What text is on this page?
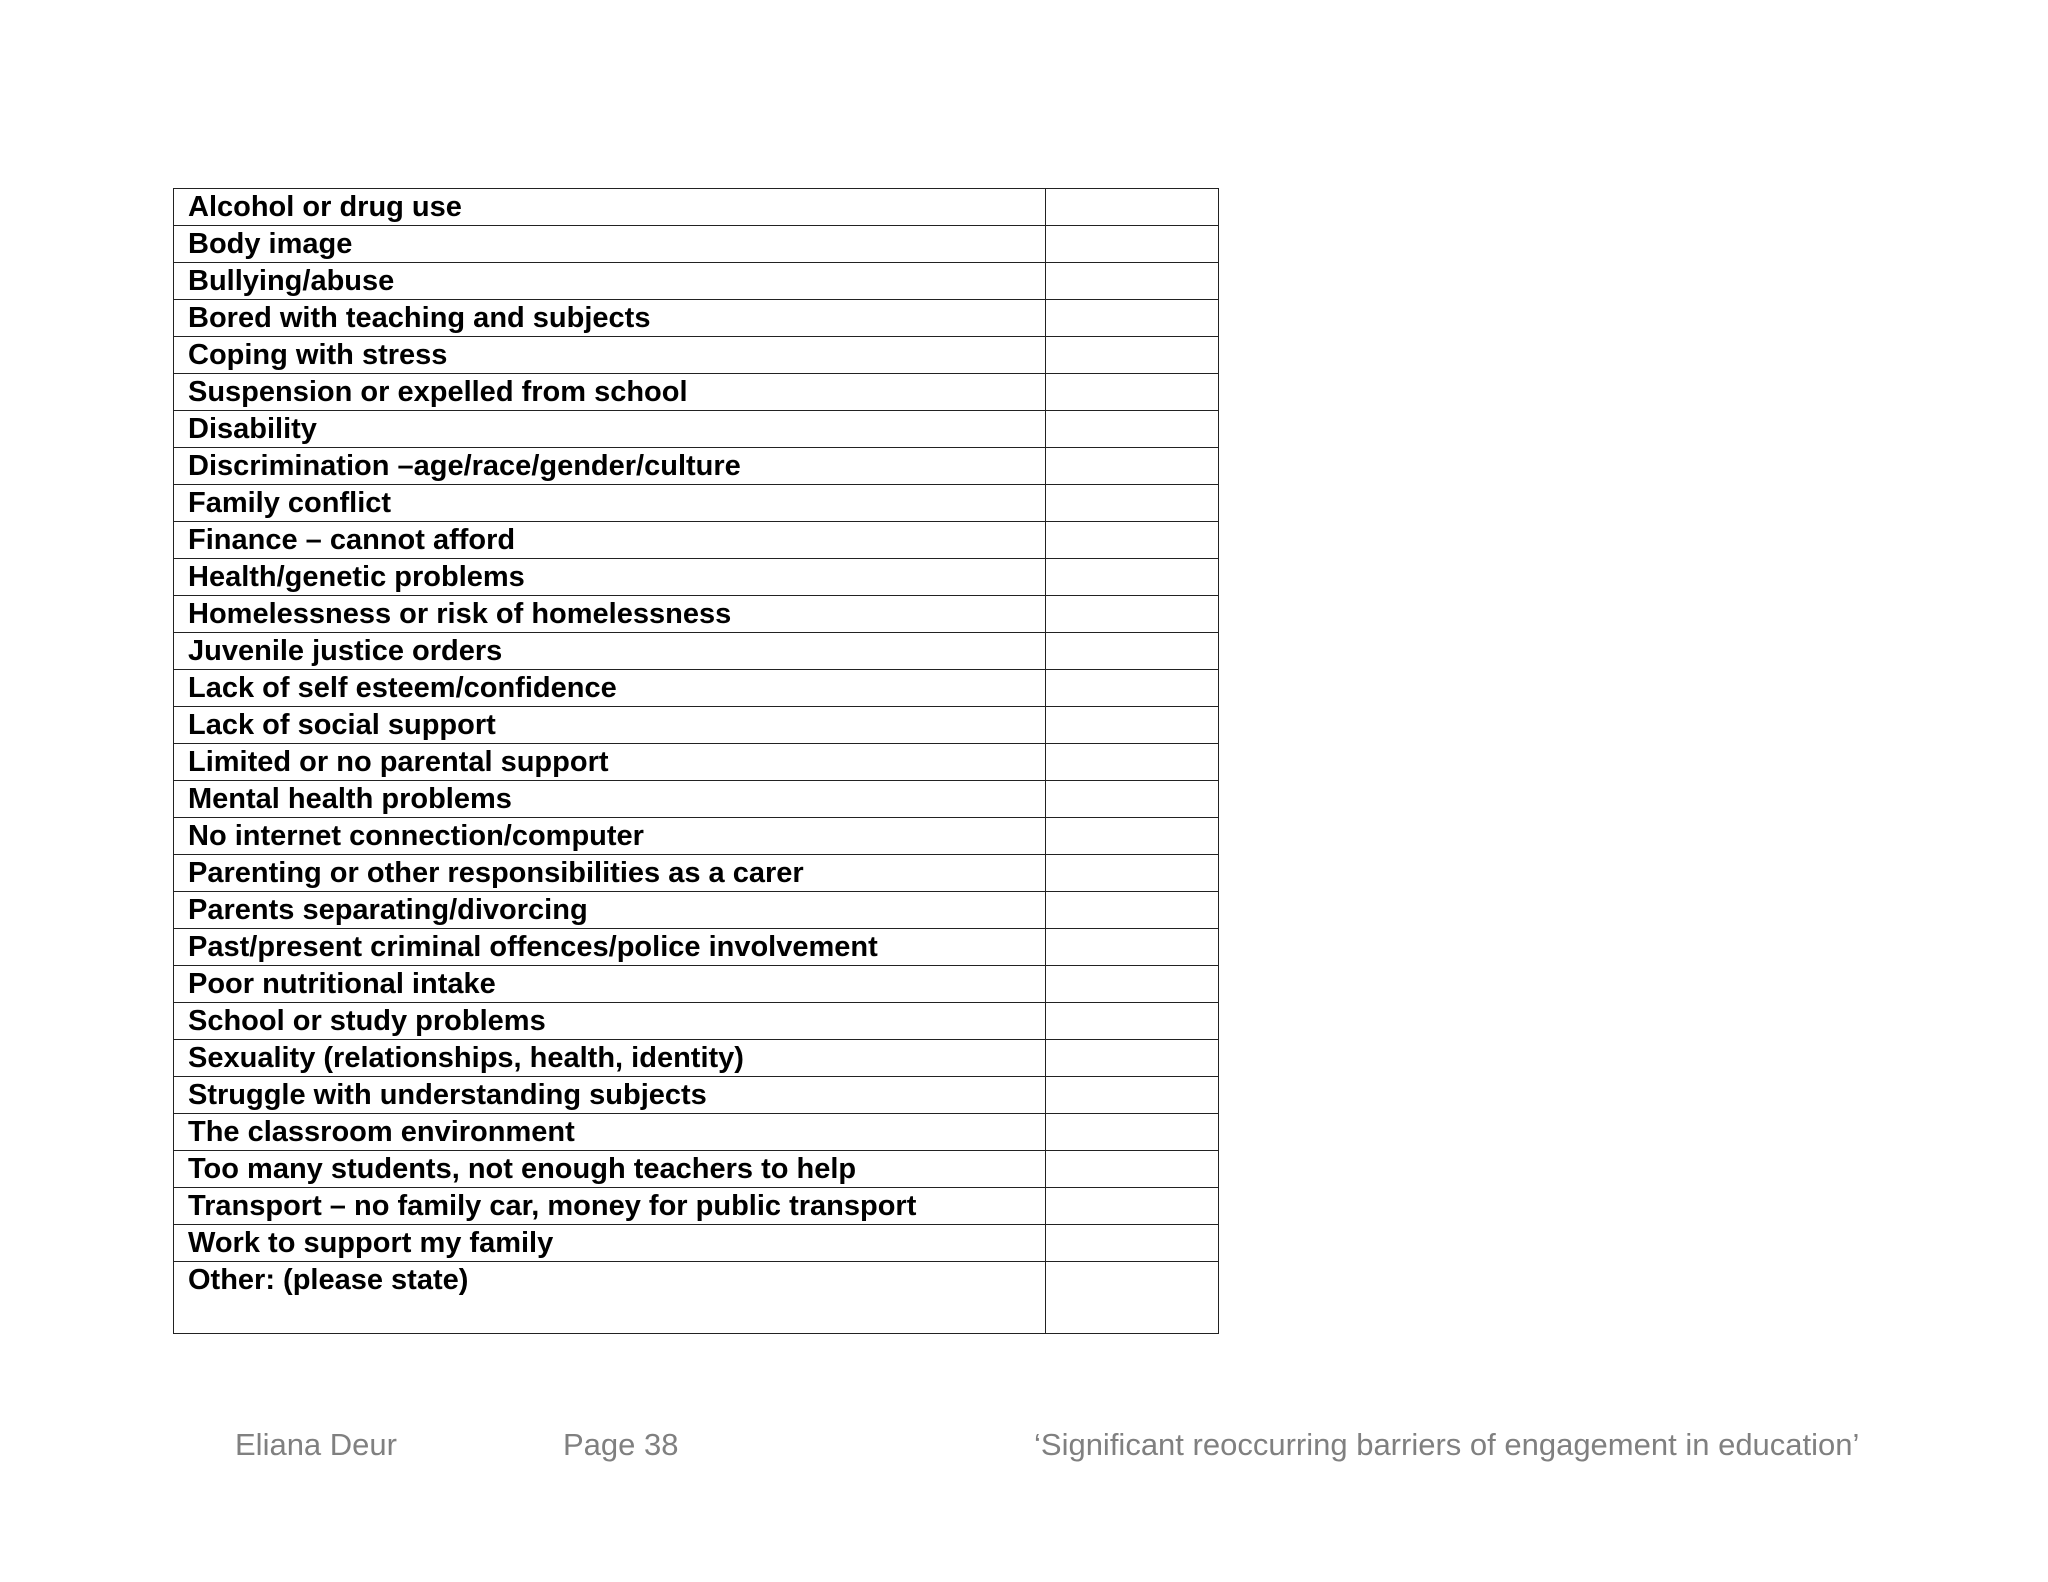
Alcohol or drug use	
Body image	
Bullying/abuse	
Bored with teaching and subjects	
Coping with stress	
Suspension or expelled from school	
Disability	
Discrimination –age/race/gender/culture	
Family conflict	
Finance – cannot afford	
Health/genetic problems	
Homelessness or risk of homelessness	
Juvenile justice orders	
Lack of self esteem/confidence	
Lack of social support	
Limited or no parental support	
Mental health problems	
No internet connection/computer	
Parenting or other responsibilities as a carer	
Parents separating/divorcing	
Past/present criminal offences/police involvement	
Poor nutritional intake	
School or study problems	
Sexuality (relationships, health, identity)	
Struggle with understanding subjects	
The classroom environment	
Too many students, not enough teachers to help	
Transport – no family car, money for public transport	
Work to support my family	
Other: (please state)	
Eliana Deur	Page 38	‘Significant reoccurring barriers of engagement in education’
